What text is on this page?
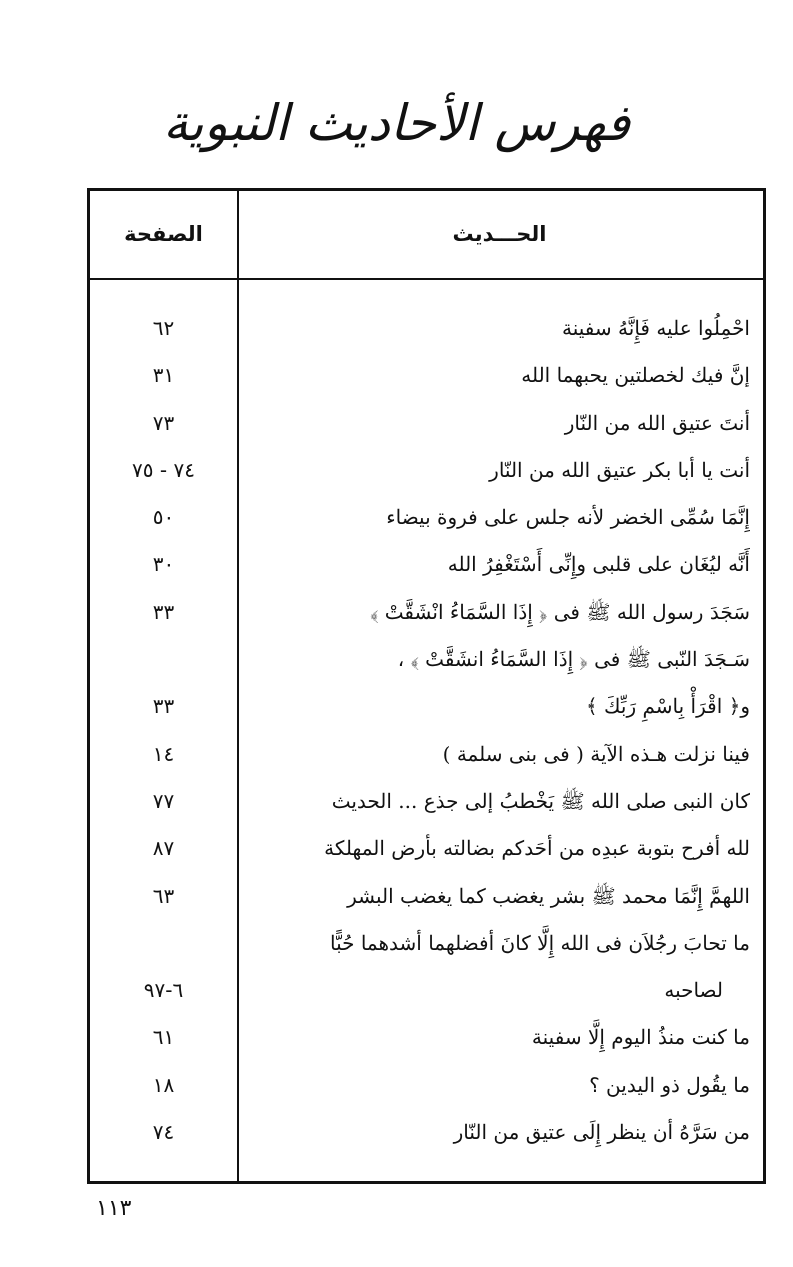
فهرس الأحاديث النبوية
الحـــديث
الصفحة
احْمِلُوا عليه فَإِنَّهُ سفينة
٦٢
إنَّ فيك لخصلتين يحبهما الله
٣١
أنتَ عتيق الله من النّار
٧٣
أنت يا أبا بكر عتيق الله من النّار
٧٤ - ٧٥
إِنَّمَا سُمِّى الخضر لأنه جلس على فروة بيضاء
٥٠
أَنَّه ليُغَان على قلبى وإِنِّى أَسْتَغْفِرُ الله
٣٠
سَجَدَ رسول الله ﷺ فى ﴿ إِذَا السَّمَاءُ انْشَقَّتْ ﴾
٣٣
سَـجَدَ النّبى ﷺ فى ﴿ إِذَا السَّمَاءُ انشَقَّتْ ﴾ ،
و﴿ اقْرَأْ بِاسْمِ رَبِّكَ ﴾
٣٣
فينا نزلت هـذه الآية ( فى بنى سلمة )
١٤
كان النبى صلى الله ﷺ يَخْطبُ إلى جذع ... الحديث
٧٧
لله أفرح بتوبة عبدِه من أحَدكم بضالته بأرض المهلكة
٨٧
اللهمَّ إِنَّمَا محمد ﷺ بشر يغضب كما يغضب البشر
٦٣
ما تحابَ رجُلاَن فى الله إِلَّا كانَ أفضلهما أشدهما حُبًّا
لصاحبه
٦-٩٧
ما كنت منذُ اليوم إِلَّا سفينة
٦١
ما يقُول ذو اليدين ؟
١٨
من سَرَّهُ أن ينظر إِلَى عتيق من النّار
٧٤
١١٣
